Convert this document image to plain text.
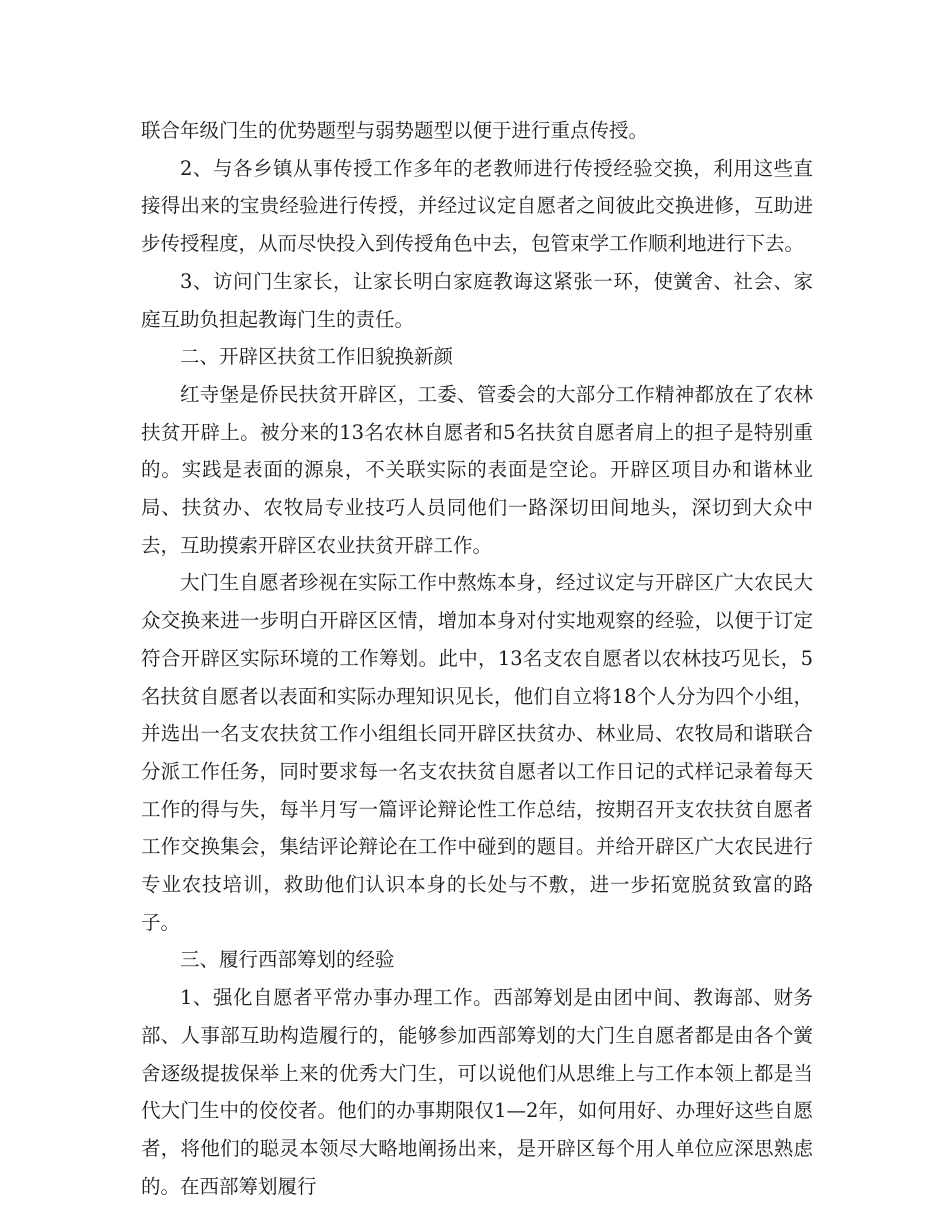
联合年级门生的优势题型与弱势题型以便于进行重点传授。

2、与各乡镇从事传授工作多年的老教师进行传授经验交换，利用这些直接得出来的宝贵经验进行传授，并经过议定自愿者之间彼此交换进修，互助进步传授程度，从而尽快投入到传授角色中去，包管束学工作顺利地进行下去。

3、访问门生家长，让家长明白家庭教诲这紧张一环，使黉舍、社会、家庭互助负担起教诲门生的责任。

二、开辟区扶贫工作旧貌换新颜

红寺堡是侨民扶贫开辟区，工委、管委会的大部分工作精神都放在了农林扶贫开辟上。被分来的13名农林自愿者和5名扶贫自愿者肩上的担子是特别重的。实践是表面的源泉，不关联实际的表面是空论。开辟区项目办和谐林业局、扶贫办、农牧局专业技巧人员同他们一路深切田间地头，深切到大众中去，互助摸索开辟区农业扶贫开辟工作。

大门生自愿者珍视在实际工作中熬炼本身，经过议定与开辟区广大农民大众交换来进一步明白开辟区区情，增加本身对付实地观察的经验，以便于订定符合开辟区实际环境的工作筹划。此中，13名支农自愿者以农林技巧见长，5名扶贫自愿者以表面和实际办理知识见长，他们自立将18个人分为四个小组，并选出一名支农扶贫工作小组组长同开辟区扶贫办、林业局、农牧局和谐联合分派工作任务，同时要求每一名支农扶贫自愿者以工作日记的式样记录着每天工作的得与失，每半月写一篇评论辩论性工作总结，按期召开支农扶贫自愿者工作交换集会，集结评论辩论在工作中碰到的题目。并给开辟区广大农民进行专业农技培训，救助他们认识本身的长处与不敷，进一步拓宽脱贫致富的路子。

三、履行西部筹划的经验

1、强化自愿者平常办事办理工作。西部筹划是由团中间、教诲部、财务部、人事部互助构造履行的，能够参加西部筹划的大门生自愿者都是由各个黉舍逐级提拔保举上来的优秀大门生，可以说他们从思维上与工作本领上都是当代大门生中的佼佼者。他们的办事期限仅1—2年，如何用好、办理好这些自愿者，将他们的聪灵本领尽大略地阐扬出来，是开辟区每个用人单位应深思熟虑的。在西部筹划履行
